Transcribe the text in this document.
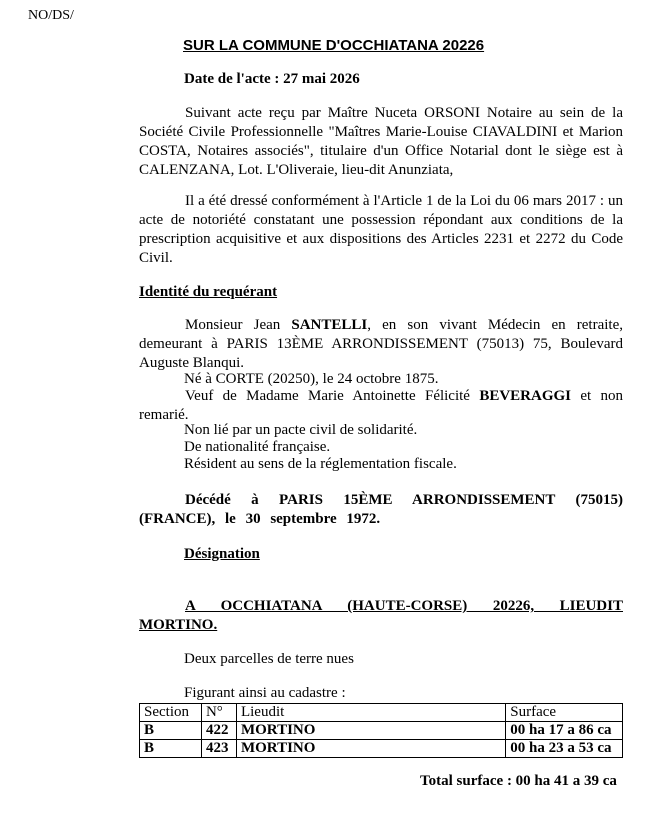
NO/DS/
SUR LA COMMUNE D'OCCHIATANA 20226
Date de l'acte : 27 mai 2026
Suivant acte reçu par Maître Nuceta ORSONI Notaire au sein de la Société Civile Professionnelle "Maîtres Marie-Louise CIAVALDINI et Marion COSTA, Notaires associés", titulaire d'un Office Notarial dont le siège est à CALENZANA, Lot. L'Oliveraie, lieu-dit Anunziata,
Il a été dressé conformément à l'Article 1 de la Loi du 06 mars 2017 : un acte de notoriété constatant une possession répondant aux conditions de la prescription acquisitive et aux dispositions des Articles 2231 et 2272 du Code Civil.
Identité du requérant
Monsieur Jean SANTELLI, en son vivant Médecin en retraite, demeurant à PARIS 13ÈME ARRONDISSEMENT (75013) 75, Boulevard Auguste Blanqui.
Né à CORTE (20250), le 24 octobre 1875.
Veuf de Madame Marie Antoinette Félicité BEVERAGGI et non remarié.
Non lié par un pacte civil de solidarité.
De nationalité française.
Résident au sens de la réglementation fiscale.
Décédé à PARIS 15ÈME ARRONDISSEMENT (75015) (FRANCE), le 30 septembre 1972.
Désignation
A OCCHIATANA (HAUTE-CORSE) 20226, LIEUDIT MORTINO.
Deux parcelles de terre nues
Figurant ainsi au cadastre :
Section	N°	Lieudit	Surface
B	422	MORTINO	00 ha 17 a 86 ca
B	423	MORTINO	00 ha 23 a 53 ca
Total surface : 00 ha 41 a 39 ca
